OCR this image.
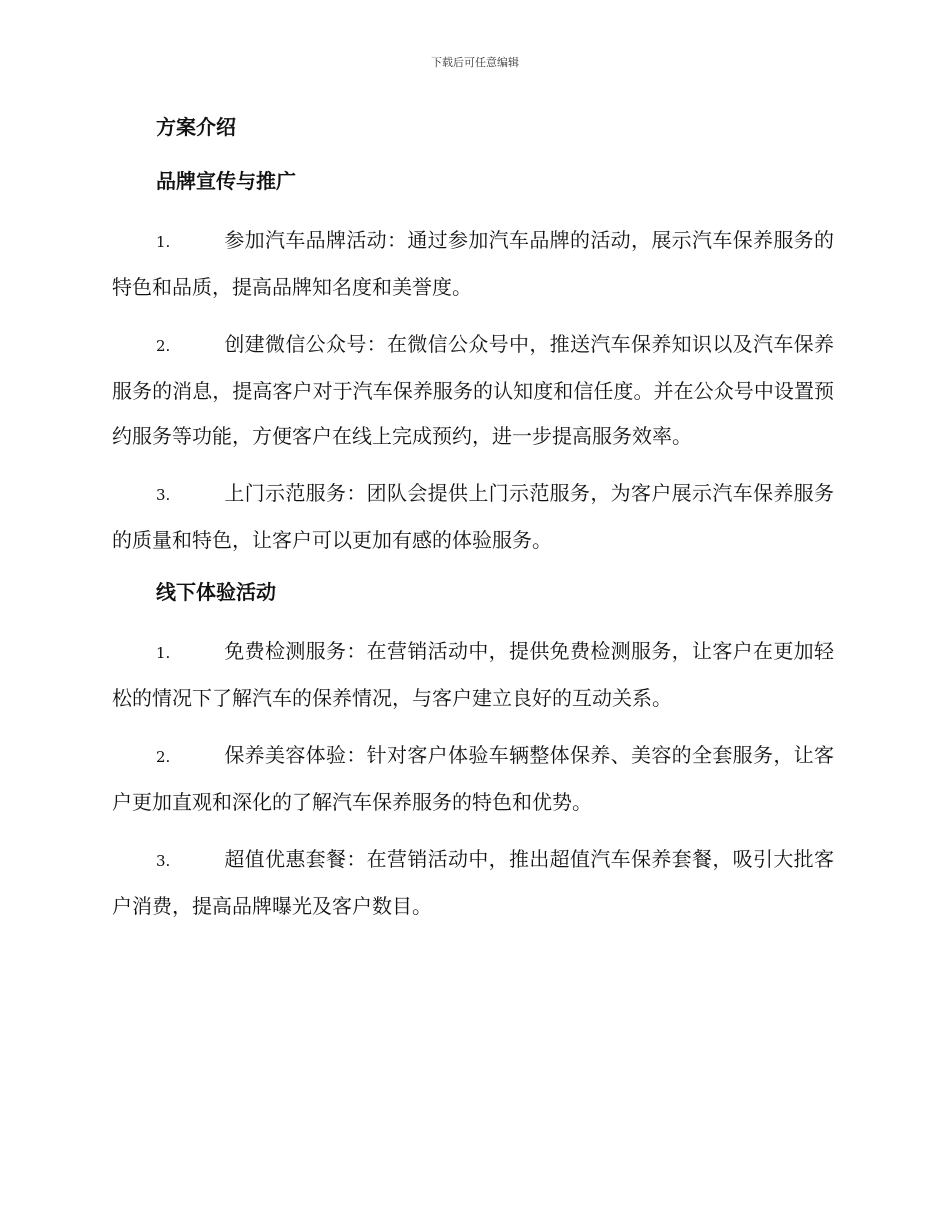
下载后可任意编辑

方案介绍

品牌宣传与推广

1.	参加汽车品牌活动：通过参加汽车品牌的活动，展示汽车保养服务的特色和品质，提高品牌知名度和美誉度。

2.	创建微信公众号：在微信公众号中，推送汽车保养知识以及汽车保养服务的消息，提高客户对于汽车保养服务的认知度和信任度。并在公众号中设置预约服务等功能，方便客户在线上完成预约，进一步提高服务效率。

3.	上门示范服务：团队会提供上门示范服务，为客户展示汽车保养服务的质量和特色，让客户可以更加有感的体验服务。

线下体验活动

1.	免费检测服务：在营销活动中，提供免费检测服务，让客户在更加轻松的情况下了解汽车的保养情况，与客户建立良好的互动关系。

2.	保养美容体验：针对客户体验车辆整体保养、美容的全套服务，让客户更加直观和深化的了解汽车保养服务的特色和优势。

3.	超值优惠套餐：在营销活动中，推出超值汽车保养套餐，吸引大批客户消费，提高品牌曝光及客户数目。
